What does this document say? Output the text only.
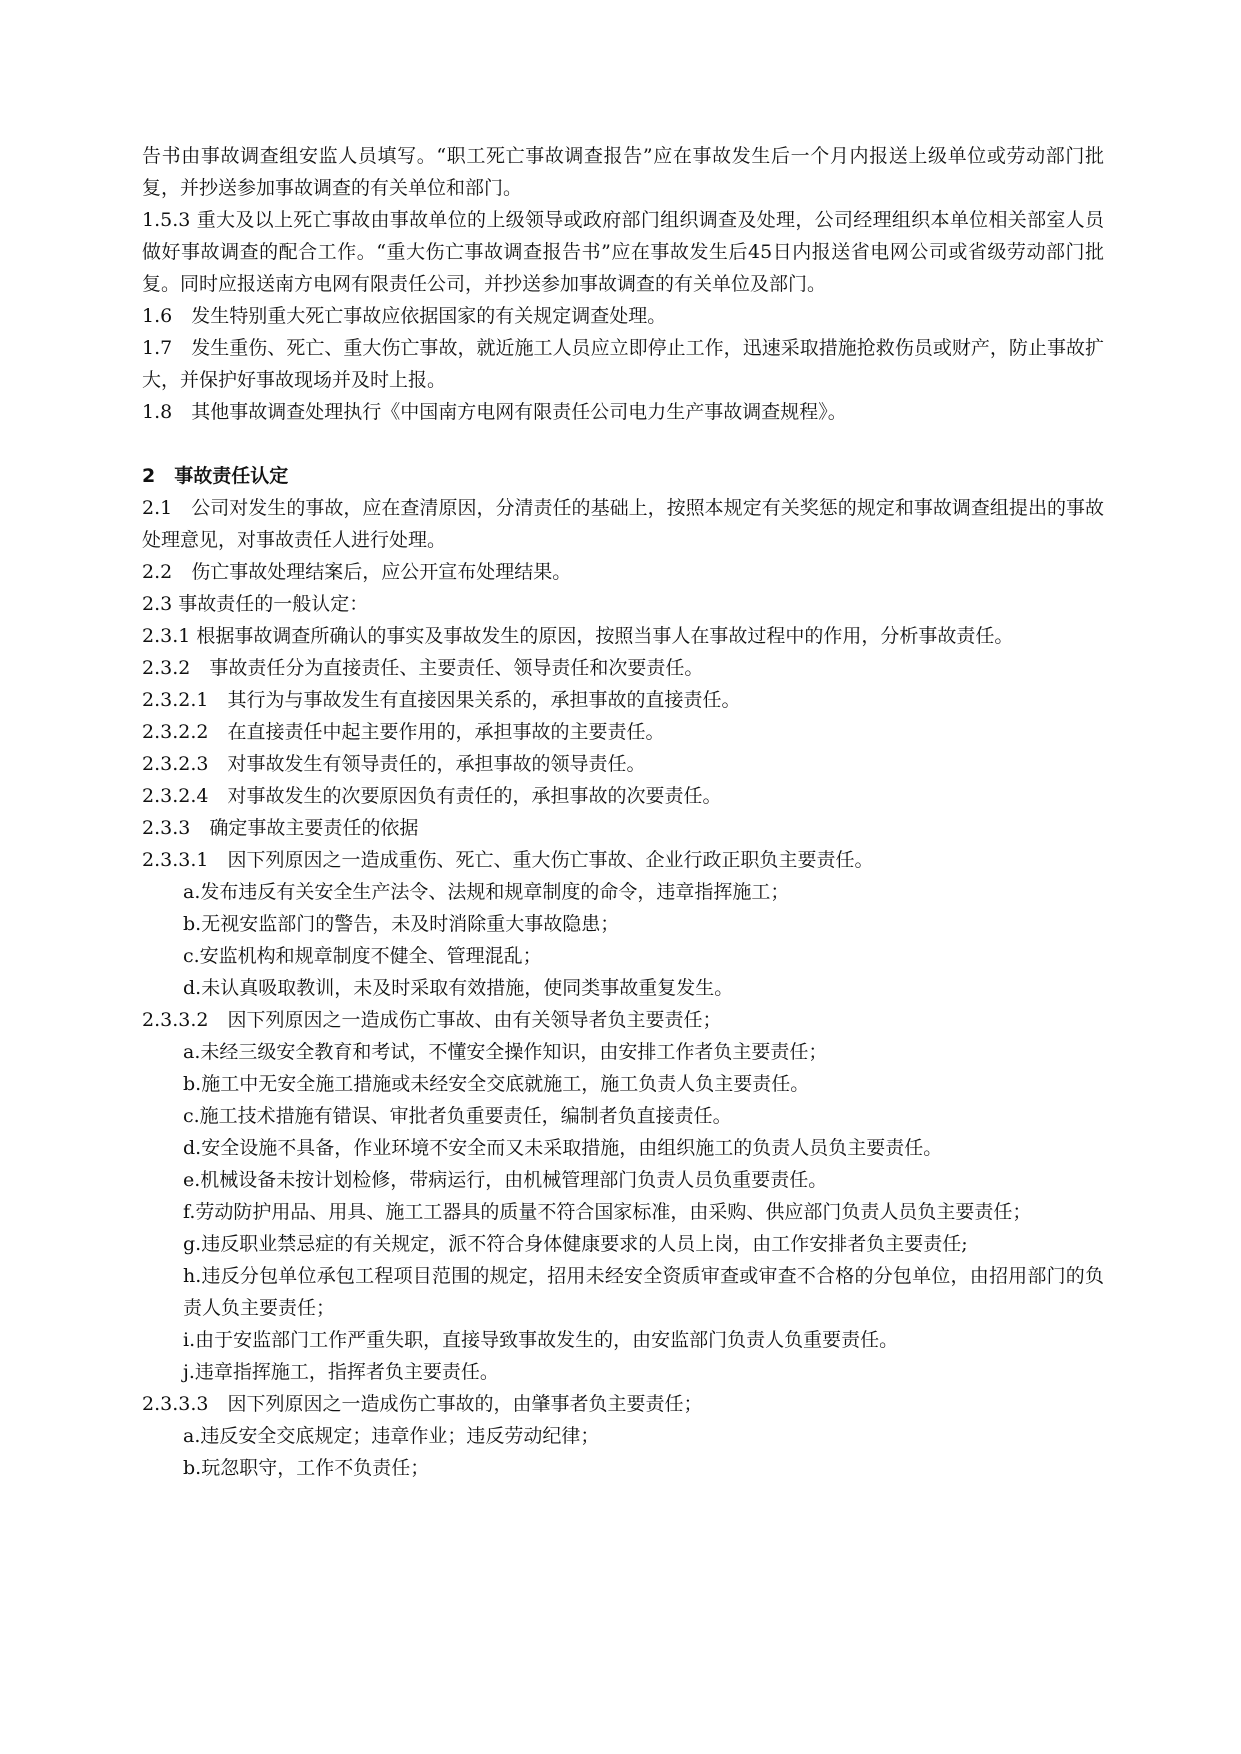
告书由事故调查组安监人员填写。“职工死亡事故调查报告”应在事故发生后一个月内报送上级单位或劳动部门批复，并抄送参加事故调查的有关单位和部门。

1.5.3 重大及以上死亡事故由事故单位的上级领导或政府部门组织调查及处理，公司经理组织本单位相关部室人员做好事故调查的配合工作。“重大伤亡事故调查报告书”应在事故发生后45日内报送省电网公司或省级劳动部门批复。同时应报送南方电网有限责任公司，并抄送参加事故调查的有关单位及部门。

1.6　发生特别重大死亡事故应依据国家的有关规定调查处理。

1.7　发生重伤、死亡、重大伤亡事故，就近施工人员应立即停止工作，迅速采取措施抢救伤员或财产，防止事故扩大，并保护好事故现场并及时上报。

1.8　其他事故调查处理执行《中国南方电网有限责任公司电力生产事故调查规程》。

2　事故责任认定

2.1　公司对发生的事故，应在查清原因，分清责任的基础上，按照本规定有关奖惩的规定和事故调查组提出的事故处理意见，对事故责任人进行处理。

2.2　伤亡事故处理结案后，应公开宣布处理结果。

2.3 事故责任的一般认定：

2.3.1 根据事故调查所确认的事实及事故发生的原因，按照当事人在事故过程中的作用，分析事故责任。

2.3.2　事故责任分为直接责任、主要责任、领导责任和次要责任。

2.3.2.1　其行为与事故发生有直接因果关系的，承担事故的直接责任。

2.3.2.2　在直接责任中起主要作用的，承担事故的主要责任。

2.3.2.3　对事故发生有领导责任的，承担事故的领导责任。

2.3.2.4　对事故发生的次要原因负有责任的，承担事故的次要责任。

2.3.3　确定事故主要责任的依据

2.3.3.1　因下列原因之一造成重伤、死亡、重大伤亡事故、企业行政正职负主要责任。

a.发布违反有关安全生产法令、法规和规章制度的命令，违章指挥施工；

b.无视安监部门的警告，未及时消除重大事故隐患；

c.安监机构和规章制度不健全、管理混乱；

d.未认真吸取教训，未及时采取有效措施，使同类事故重复发生。

2.3.3.2　因下列原因之一造成伤亡事故、由有关领导者负主要责任；

a.未经三级安全教育和考试，不懂安全操作知识，由安排工作者负主要责任；

b.施工中无安全施工措施或未经安全交底就施工，施工负责人负主要责任。

c.施工技术措施有错误、审批者负重要责任，编制者负直接责任。

d.安全设施不具备，作业环境不安全而又未采取措施，由组织施工的负责人员负主要责任。

e.机械设备未按计划检修，带病运行，由机械管理部门负责人员负重要责任。

f.劳动防护用品、用具、施工工器具的质量不符合国家标准，由采购、供应部门负责人员负主要责任；

g.违反职业禁忌症的有关规定，派不符合身体健康要求的人员上岗，由工作安排者负主要责任;

h.违反分包单位承包工程项目范围的规定，招用未经安全资质审查或审查不合格的分包单位，由招用部门的负责人负主要责任；

i.由于安监部门工作严重失职，直接导致事故发生的，由安监部门负责人负重要责任。

j.违章指挥施工，指挥者负主要责任。

2.3.3.3　因下列原因之一造成伤亡事故的，由肇事者负主要责任；

a.违反安全交底规定；违章作业；违反劳动纪律；

b.玩忽职守，工作不负责任；
